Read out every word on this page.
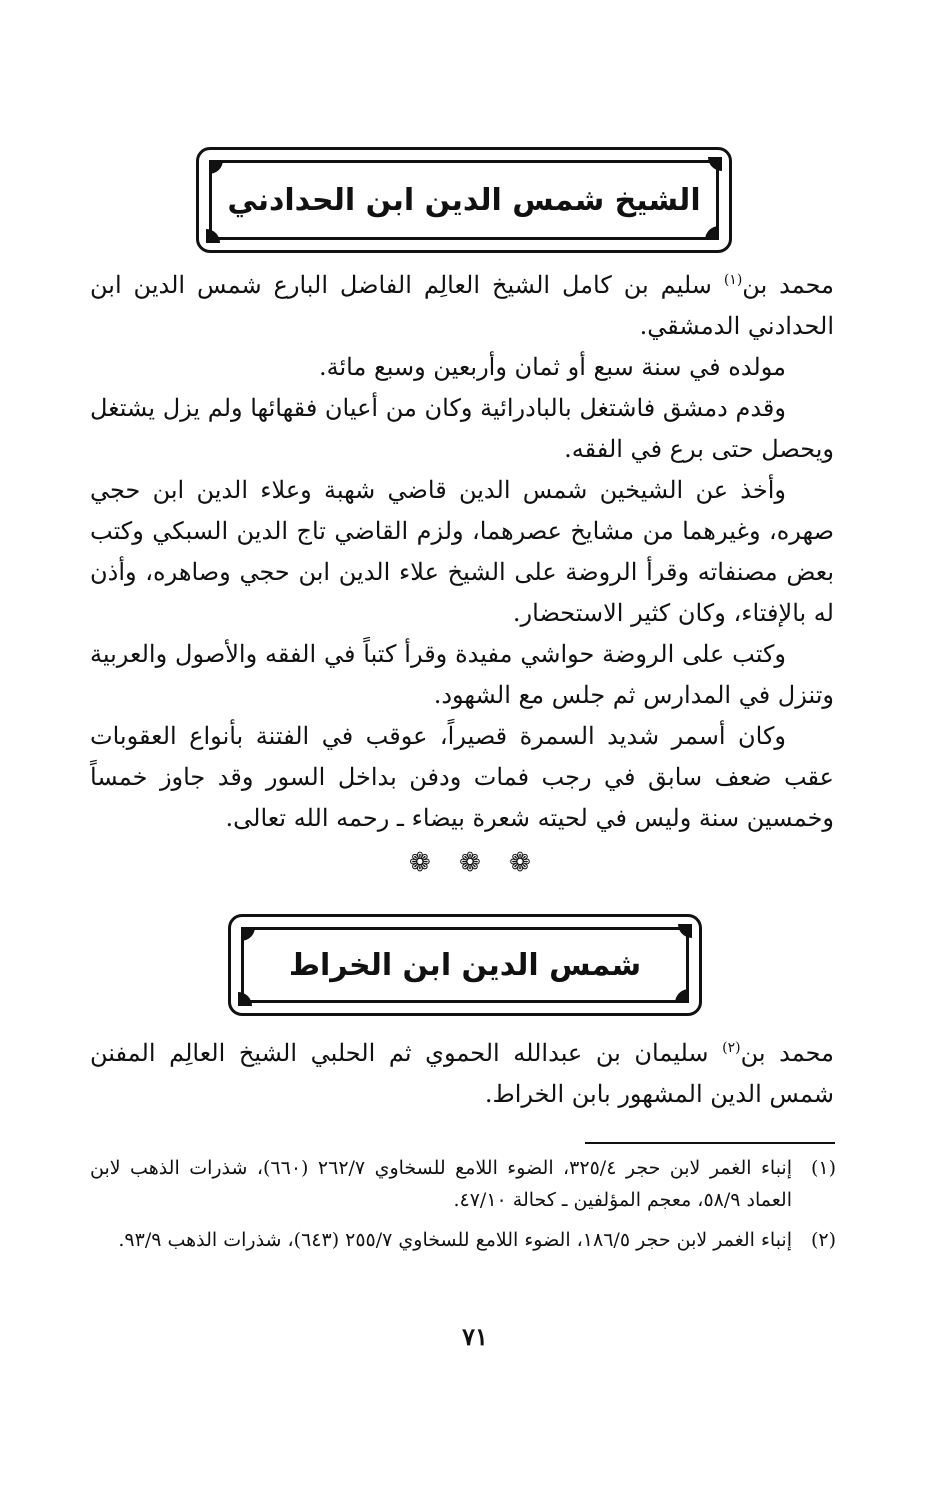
الشيخ شمس الدين ابن الحدادني

محمد بن$^{(١)}$ سليم بن كامل الشيخ العالِم الفاضل البارع شمس الدين ابن الحدادني الدمشقي.

مولده في سنة سبع أو ثمان وأربعين وسبع مائة.

وقدم دمشق فاشتغل بالبادرائية وكان من أعيان فقهائها ولم يزل يشتغل ويحصل حتى برع في الفقه.

وأخذ عن الشيخين شمس الدين قاضي شهبة وعلاء الدين ابن حجي صهره، وغيرهما من مشايخ عصرهما، ولزم القاضي تاج الدين السبكي وكتب بعض مصنفاته وقرأ الروضة على الشيخ علاء الدين ابن حجي وصاهره، وأذن له بالإفتاء، وكان كثير الاستحضار.

وكتب على الروضة حواشي مفيدة وقرأ كتباً في الفقه والأصول والعربية وتنزل في المدارس ثم جلس مع الشهود.

وكان أسمر شديد السمرة قصيراً، عوقب في الفتنة بأنواع العقوبات عقب ضعف سابق في رجب فمات ودفن بداخل السور وقد جاوز خمساً وخمسين سنة وليس في لحيته شعرة بيضاء ـ رحمه الله تعالى.

❁ ❁ ❁
شمس الدين ابن الخراط

محمد بن$^{(٢)}$ سليمان بن عبدالله الحموي ثم الحلبي الشيخ العالِم المفنن شمس الدين المشهور بابن الخراط.

(١)
إنباء الغمر لابن حجر ٣٢٥/٤، الضوء اللامع للسخاوي ٢٦٢/٧ (٦٦٠)، شذرات الذهب لابن العماد ٥٨/٩، معجم المؤلفين ـ كحالة ٤٧/١٠.
(٢)
إنباء الغمر لابن حجر ١٨٦/٥، الضوء اللامع للسخاوي ٢٥٥/٧ (٦٤٣)، شذرات الذهب ٩٣/٩.
٧١
